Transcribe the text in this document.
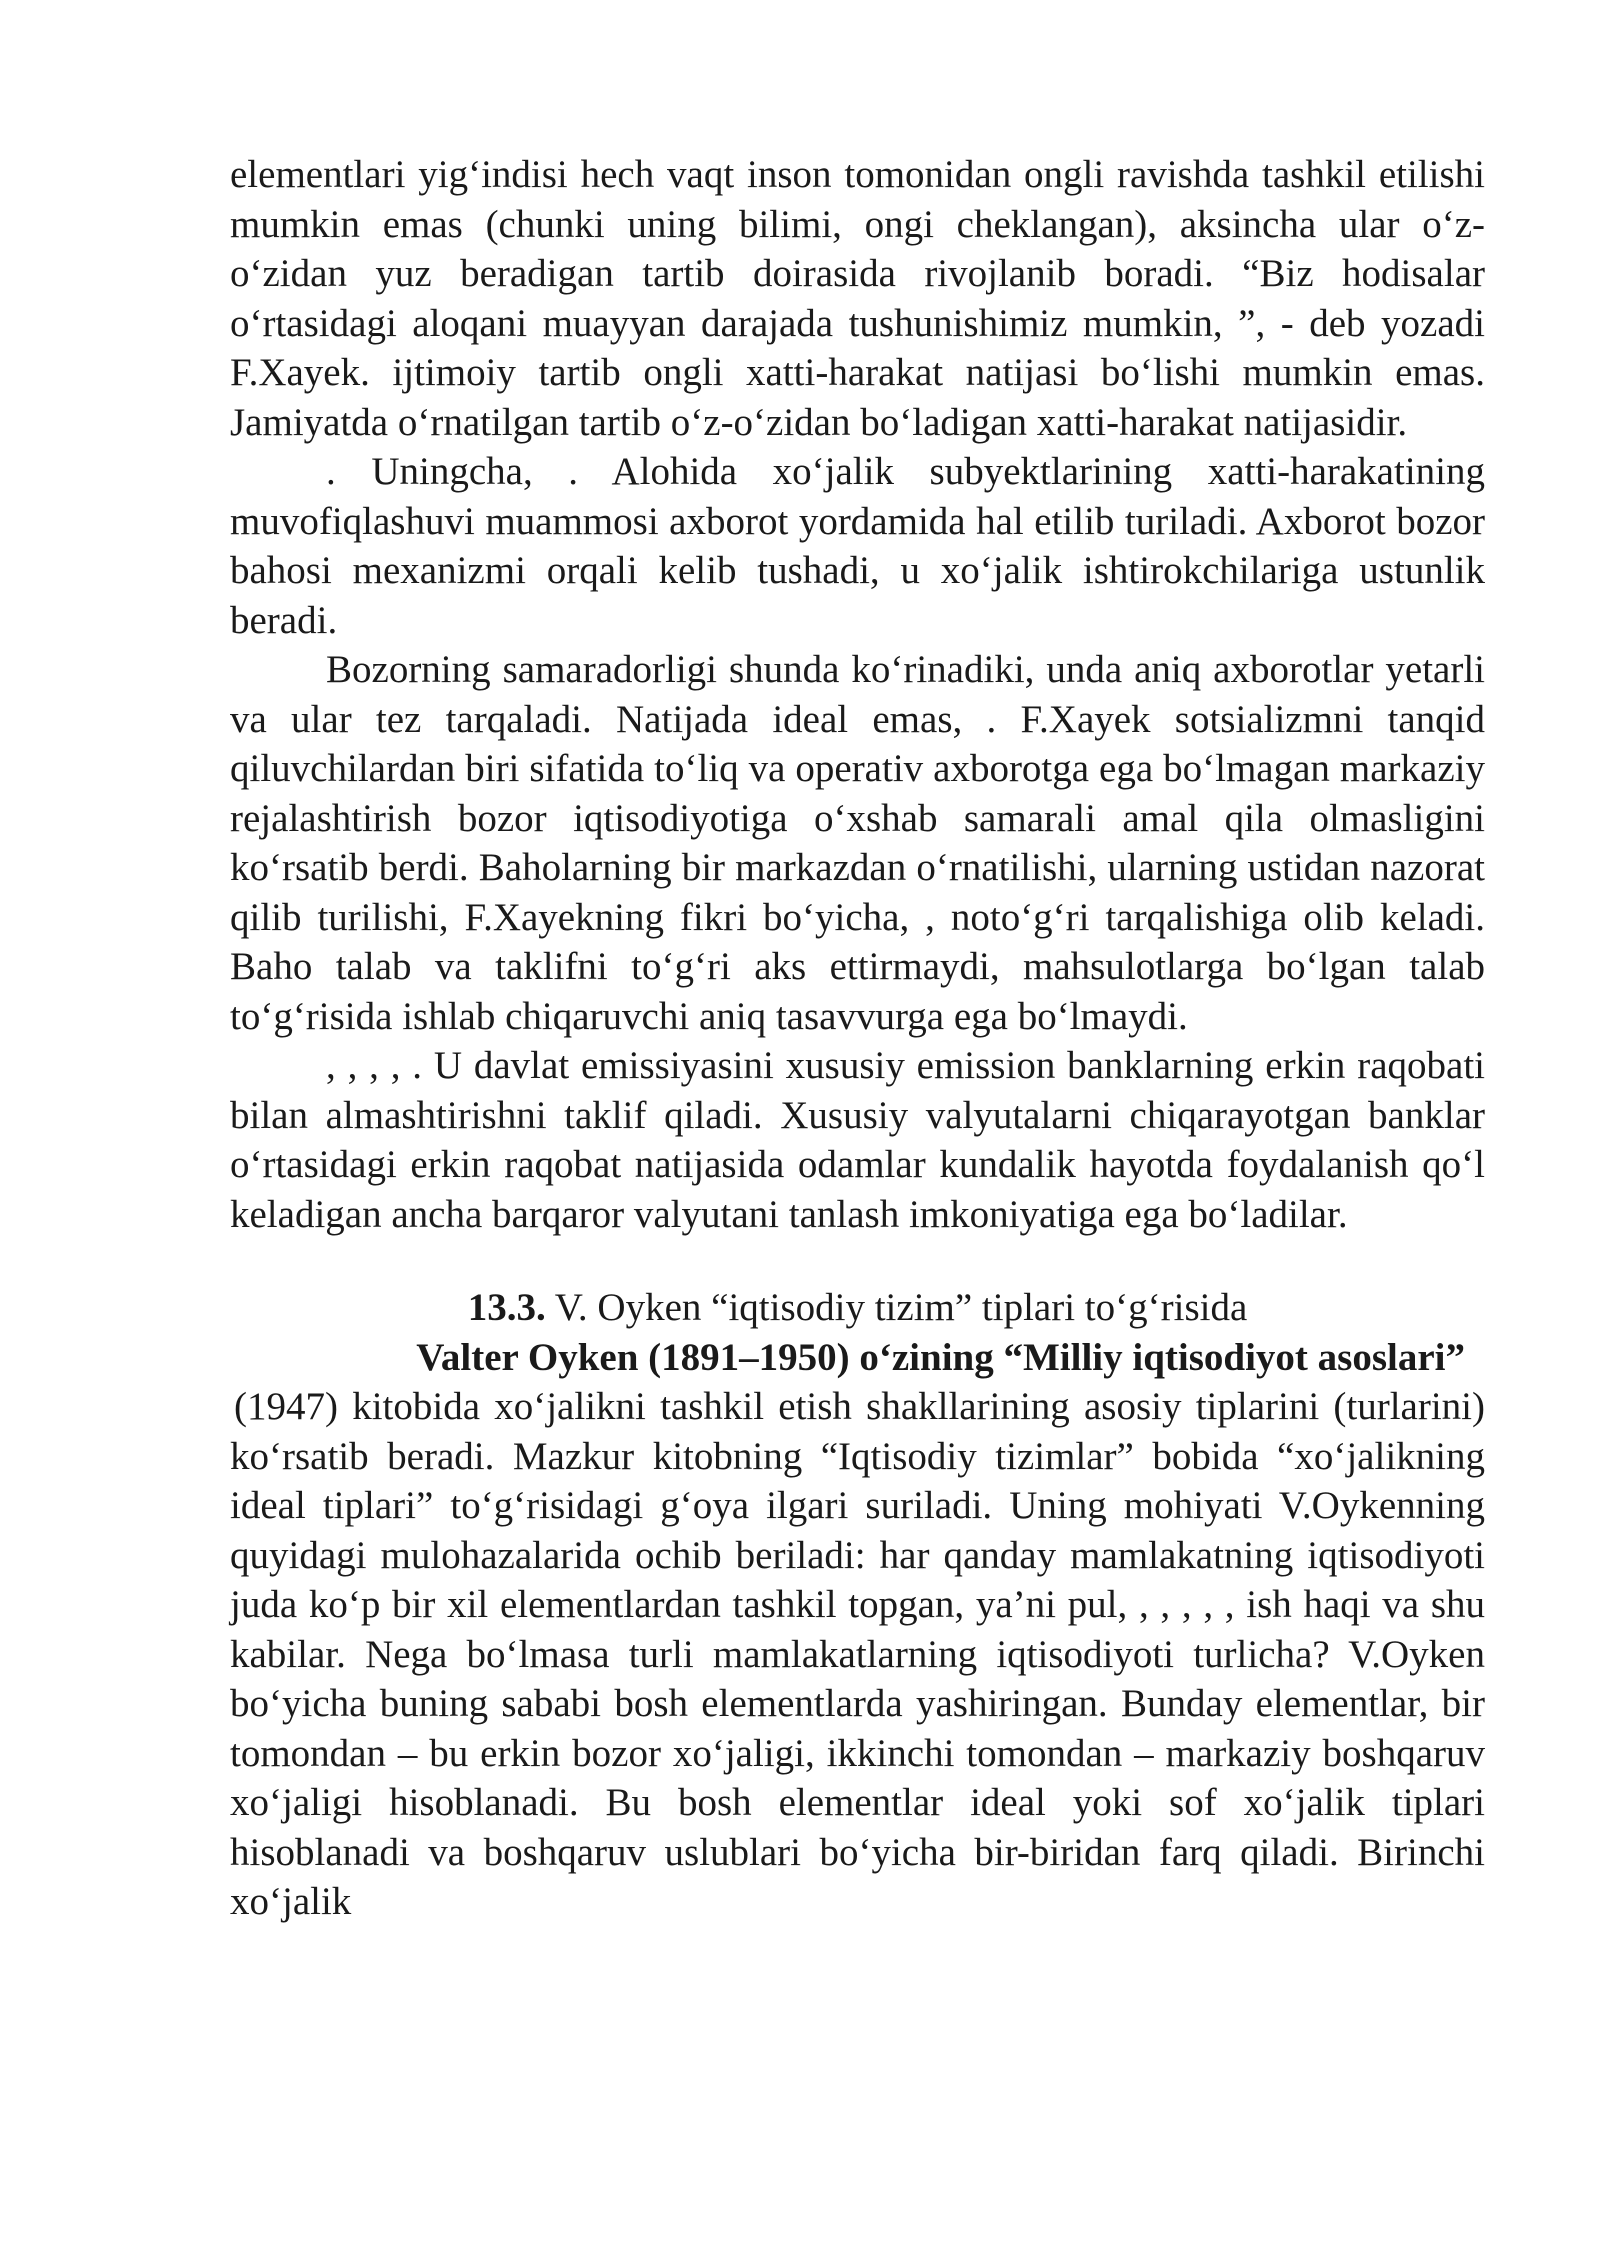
elementlari yig‘indisi hech vaqt inson tomonidan ongli ravishda tashkil etilishi mumkin emas (chunki uning bilimi, ongi cheklangan), aksincha ular o‘z-o‘zidan yuz beradigan tartib doirasida rivojlanib boradi. “Biz hodisalar o‘rtasidagi aloqani muayyan darajada tushunishimiz mumkin, ”, - deb yozadi F.Xayek. ijtimoiy tartib ongli xatti-harakat natijasi bo‘lishi mumkin emas. Jamiyatda o‘rnatilgan tartib o‘z-o‘zidan bo‘ladigan xatti-harakat natijasidir.

. Uningcha, . Alohida xo‘jalik subyektlarining xatti-harakatining muvofiqlashuvi muammosi axborot yordamida hal etilib turiladi. Axborot bozor bahosi mexanizmi orqali kelib tushadi, u xo‘jalik ishtirokchilariga ustunlik beradi.

Bozorning samaradorligi shunda ko‘rinadiki, unda aniq axborotlar yetarli va ular tez tarqaladi. Natijada ideal emas, . F.Xayek sotsializmni tanqid qiluvchilardan biri sifatida to‘liq va operativ axborotga ega bo‘lmagan markaziy rejalashtirish bozor iqtisodiyotiga o‘xshab samarali amal qila olmasligini ko‘rsatib berdi. Baholarning bir markazdan o‘rnatilishi, ularning ustidan nazorat qilib turilishi, F.Xayekning fikri bo‘yicha, , noto‘g‘ri tarqalishiga olib keladi. Baho talab va taklifni to‘g‘ri aks ettirmaydi, mahsulotlarga bo‘lgan talab to‘g‘risida ishlab chiqaruvchi aniq tasavvurga ega bo‘lmaydi.

, , , , . U davlat emissiyasini xususiy emission banklarning erkin raqobati bilan almashtirishni taklif qiladi. Xususiy valyutalarni chiqarayotgan banklar o‘rtasidagi erkin raqobat natijasida odamlar kundalik hayotda foydalanish qo‘l keladigan ancha barqaror valyutani tanlash imkoniyatiga ega bo‘ladilar.

13.3. V. Oyken “iqtisodiy tizim” tiplari to‘g‘risida

Valter Oyken (1891–1950) o‘zining “Milliy iqtisodiyot asoslari”

(1947) kitobida xo‘jalikni tashkil etish shakllarining asosiy tiplarini (turlarini) ko‘rsatib beradi. Mazkur kitobning “Iqtisodiy tizimlar” bobida “xo‘jalikning ideal tiplari” to‘g‘risidagi g‘oya ilgari suriladi. Uning mohiyati V.Oykenning quyidagi mulohazalarida ochib beriladi: har qanday mamlakatning iqtisodiyoti juda ko‘p bir xil elementlardan tashkil topgan, ya’ni pul, , , , , , ish haqi va shu kabilar. Nega bo‘lmasa turli mamlakatlarning iqtisodiyoti turlicha? V.Oyken bo‘yicha buning sababi bosh elementlarda yashiringan. Bunday elementlar, bir tomondan – bu erkin bozor xo‘jaligi, ikkinchi tomondan – markaziy boshqaruv xo‘jaligi hisoblanadi. Bu bosh elementlar ideal yoki sof xo‘jalik tiplari hisoblanadi va boshqaruv uslublari bo‘yicha bir-biridan farq qiladi. Birinchi xo‘jalik
